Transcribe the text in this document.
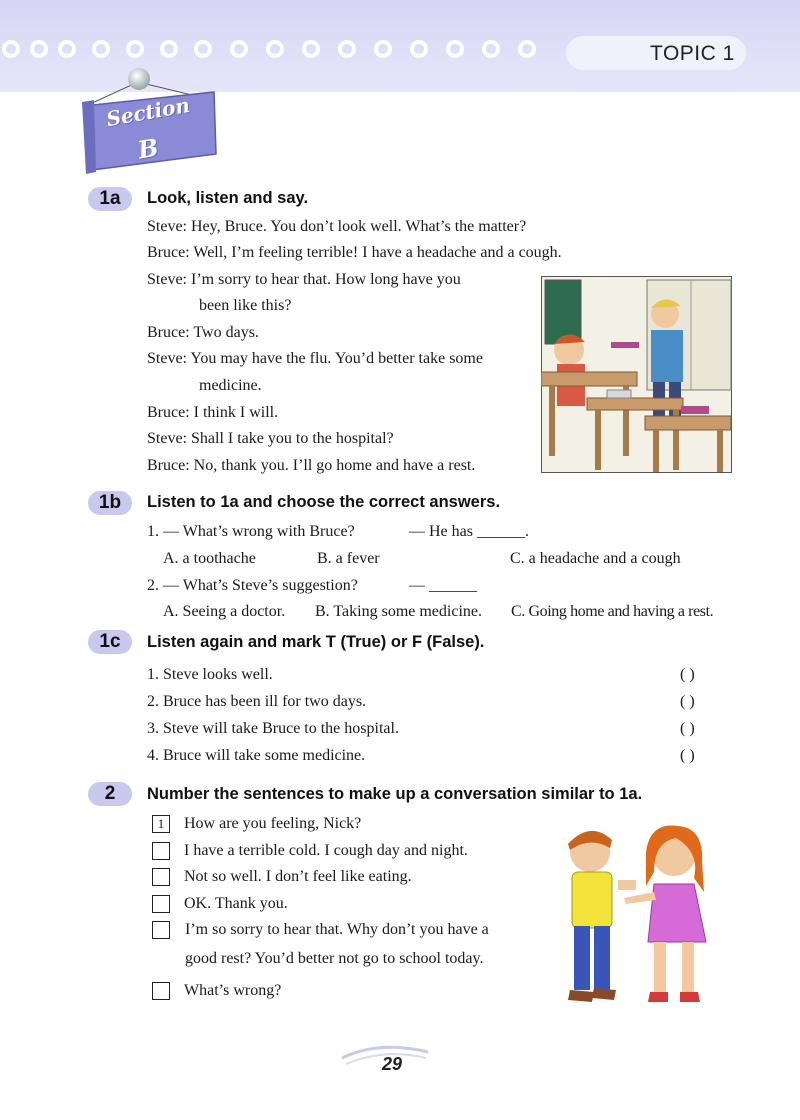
TOPIC 1
Section
B
1a	Look, listen and say.
Steve: Hey, Bruce. You don’t look well. What’s the matter?
Bruce: Well, I’m feeling terrible! I have a headache and a cough.
Steve: I’m sorry to hear that. How long have you
been like this?
Bruce: Two days.
Steve: You may have the flu. You’d better take some
medicine.
Bruce: I think I will.
Steve: Shall I take you to the hospital?
Bruce: No, thank you. I’ll go home and have a rest.
1b	Listen to 1a and choose the correct answers.
1. — What’s wrong with Bruce?	— He has ______.
A. a toothache	B. a fever	C. a headache and a cough
2. — What’s Steve’s suggestion?	— ______
A. Seeing a doctor. B. Taking some medicine. C. Going home and having a rest.
1c	Listen again and mark T (True) or F (False).
1. Steve looks well.	( )
2. Bruce has been ill for two days.	( )
3. Steve will take Bruce to the hospital.	( )
4. Bruce will take some medicine.	( )
2	Number the sentences to make up a conversation similar to 1a.
1	How are you feeling, Nick?
I have a terrible cold. I cough day and night.
Not so well. I don’t feel like eating.
OK. Thank you.
I’m so sorry to hear that. Why don’t you have a
good rest? You’d better not go to school today.
What’s wrong?
29
